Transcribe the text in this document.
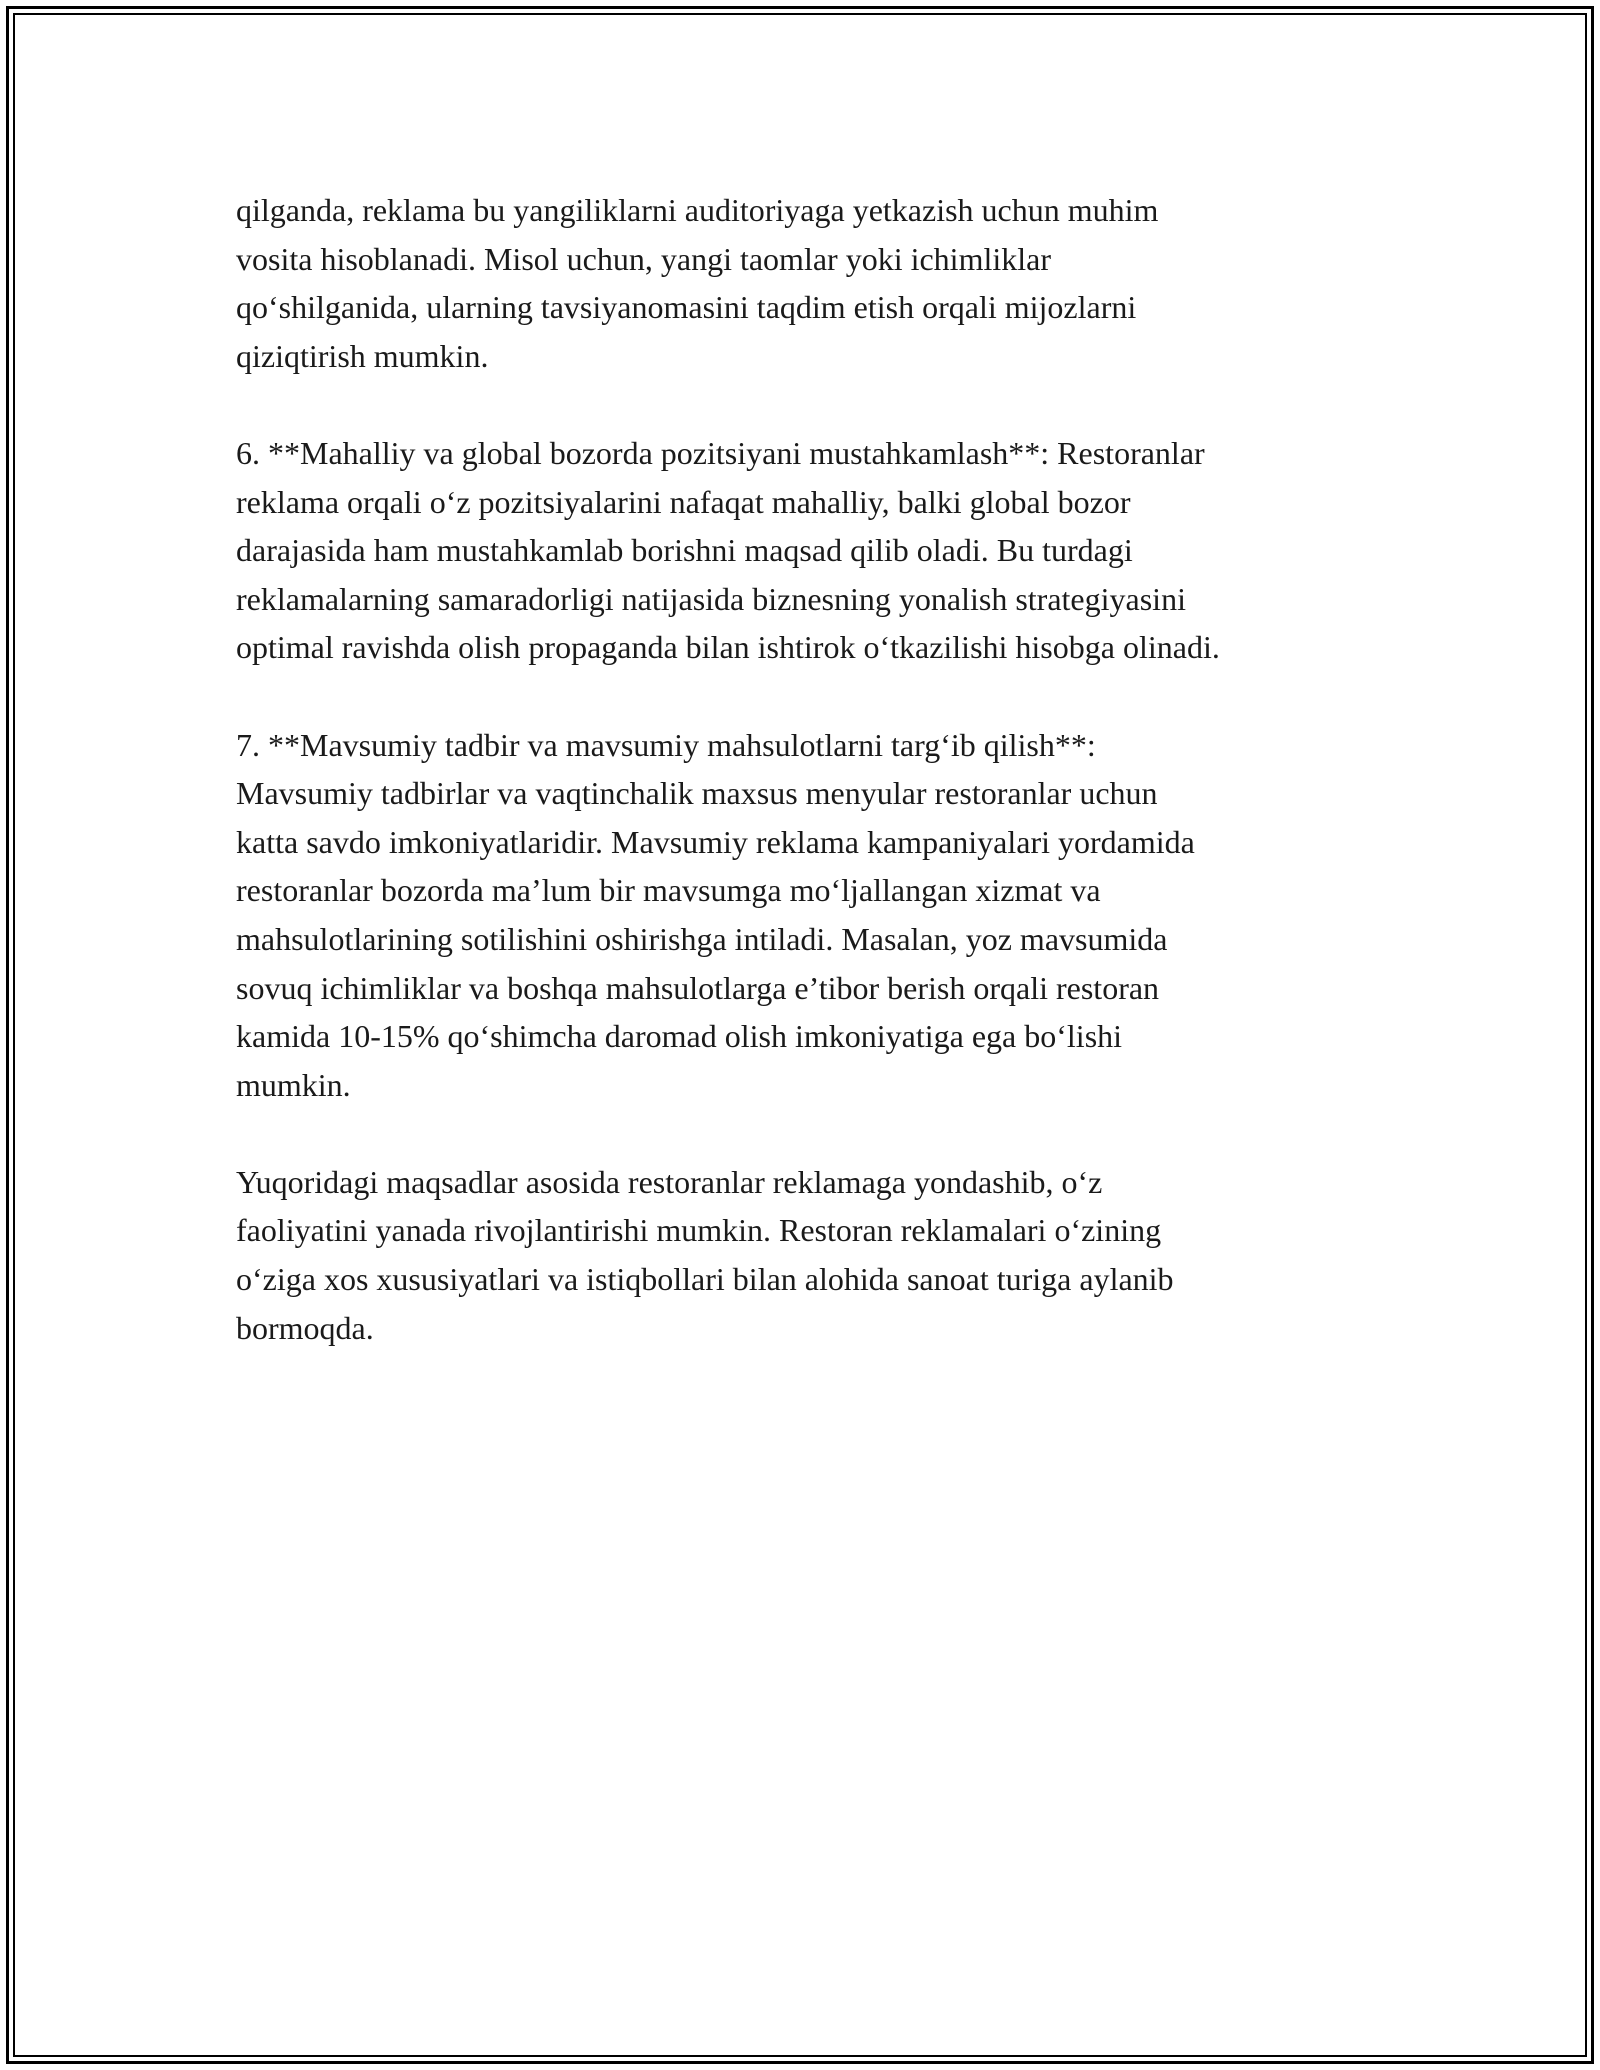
qilganda, reklama bu yangiliklarni auditoriyaga yetkazish uchun muhim
vosita hisoblanadi. Misol uchun, yangi taomlar yoki ichimliklar
qo‘shilganida, ularning tavsiyanomasini taqdim etish orqali mijozlarni
qiziqtirish mumkin.

6. **Mahalliy va global bozorda pozitsiyani mustahkamlash**: Restoranlar
reklama orqali o‘z pozitsiyalarini nafaqat mahalliy, balki global bozor
darajasida ham mustahkamlab borishni maqsad qilib oladi. Bu turdagi
reklamalarning samaradorligi natijasida biznesning yonalish strategiyasini
optimal ravishda olish propaganda bilan ishtirok o‘tkazilishi hisobga olinadi.

7. **Mavsumiy tadbir va mavsumiy mahsulotlarni targ‘ib qilish**:
Mavsumiy tadbirlar va vaqtinchalik maxsus menyular restoranlar uchun
katta savdo imkoniyatlaridir. Mavsumiy reklama kampaniyalari yordamida
restoranlar bozorda ma’lum bir mavsumga mo‘ljallangan xizmat va
mahsulotlarining sotilishini oshirishga intiladi. Masalan, yoz mavsumida
sovuq ichimliklar va boshqa mahsulotlarga e’tibor berish orqali restoran
kamida 10-15% qo‘shimcha daromad olish imkoniyatiga ega bo‘lishi
mumkin.

Yuqoridagi maqsadlar asosida restoranlar reklamaga yondashib, o‘z
faoliyatini yanada rivojlantirishi mumkin. Restoran reklamalari o‘zining
o‘ziga xos xususiyatlari va istiqbollari bilan alohida sanoat turiga aylanib
bormoqda.
